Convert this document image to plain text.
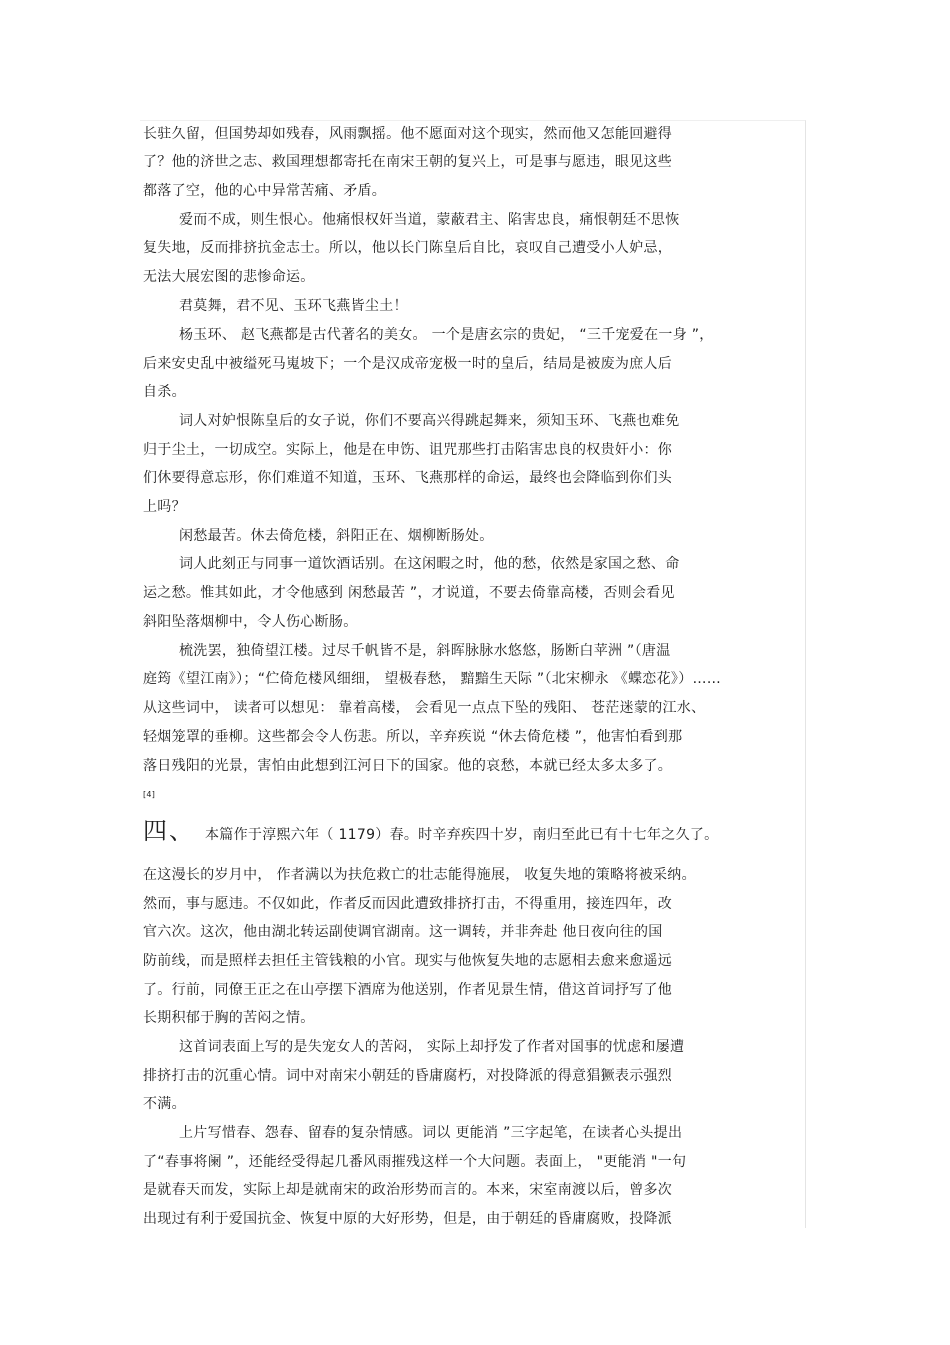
长驻久留，但国势却如残春，风雨飘摇。他不愿面对这个现实，然而他又怎能回避得
了？他的济世之志、救国理想都寄托在南宋王朝的复兴上，可是事与愿违，眼见这些
都落了空，他的心中异常苦痛、矛盾。
爱而不成，则生恨心。他痛恨权奸当道，蒙蔽君主、陷害忠良，痛恨朝廷不思恢
复失地，反而排挤抗金志士。所以，他以长门陈皇后自比，哀叹自己遭受小人妒忌，
无法大展宏图的悲惨命运。
君莫舞，君不见、玉环飞燕皆尘土！
杨玉环、 赵飞燕都是古代著名的美女。 一个是唐玄宗的贵妃， “三千宠爱在一身 ”，
后来安史乱中被缢死马嵬坡下；一个是汉成帝宠极一时的皇后，结局是被废为庶人后
自杀。
词人对妒恨陈皇后的女子说，你们不要高兴得跳起舞来，须知玉环、飞燕也难免
归于尘土，一切成空。实际上，他是在申饬、诅咒那些打击陷害忠良的权贵奸小：你
们休要得意忘形，你们难道不知道，玉环、飞燕那样的命运，最终也会降临到你们头
上吗？
闲愁最苦。休去倚危楼，斜阳正在、烟柳断肠处。
词人此刻正与同事一道饮酒话别。在这闲暇之时，他的愁，依然是家国之愁、命
运之愁。惟其如此，才令他感到 闲愁最苦 ”，才说道，不要去倚靠高楼，否则会看见
斜阳坠落烟柳中，令人伤心断肠。
梳洗罢，独倚望江楼。过尽千帆皆不是，斜晖脉脉水悠悠，肠断白苹洲 ”（唐温
庭筠《望江南》）；“伫倚危楼风细细， 望极春愁， 黯黯生天际 ”（北宋柳永 《蝶恋花》）……
从这些词中， 读者可以想见： 靠着高楼， 会看见一点点下坠的残阳、 苍茫迷蒙的江水、
轻烟笼罩的垂柳。这些都会令人伤悲。所以，辛弃疾说 “休去倚危楼 ”，他害怕看到那
落日残阳的光景，害怕由此想到江河日下的国家。他的哀愁，本就已经太多太多了。
[4]
四、 本篇作于淳熙六年（ 1179）春。时辛弃疾四十岁，南归至此已有十七年之久了。
在这漫长的岁月中， 作者满以为扶危救亡的壮志能得施展， 收复失地的策略将被采纳。
然而，事与愿违。不仅如此，作者反而因此遭致排挤打击，不得重用，接连四年，改
官六次。这次，他由湖北转运副使调官湖南。这一调转，并非奔赴 他日夜向往的国
防前线，而是照样去担任主管钱粮的小官。现实与他恢复失地的志愿相去愈来愈遥远
了。行前，同僚王正之在山亭摆下酒席为他送别，作者见景生情，借这首词抒写了他
长期积郁于胸的苦闷之情。
这首词表面上写的是失宠女人的苦闷， 实际上却抒发了作者对国事的忧虑和屡遭
排挤打击的沉重心情。词中对南宋小朝廷的昏庸腐朽，对投降派的得意猖獗表示强烈
不满。
上片写惜春、怨春、留春的复杂情感。词以 更能消 ”三字起笔，在读者心头提出
了“春事将阑 ”，还能经受得起几番风雨摧残这样一个大问题。表面上， "更能消 "一句
是就春天而发，实际上却是就南宋的政治形势而言的。本来，宋室南渡以后，曾多次
出现过有利于爱国抗金、恢复中原的大好形势，但是，由于朝廷的昏庸腐败，投降派
